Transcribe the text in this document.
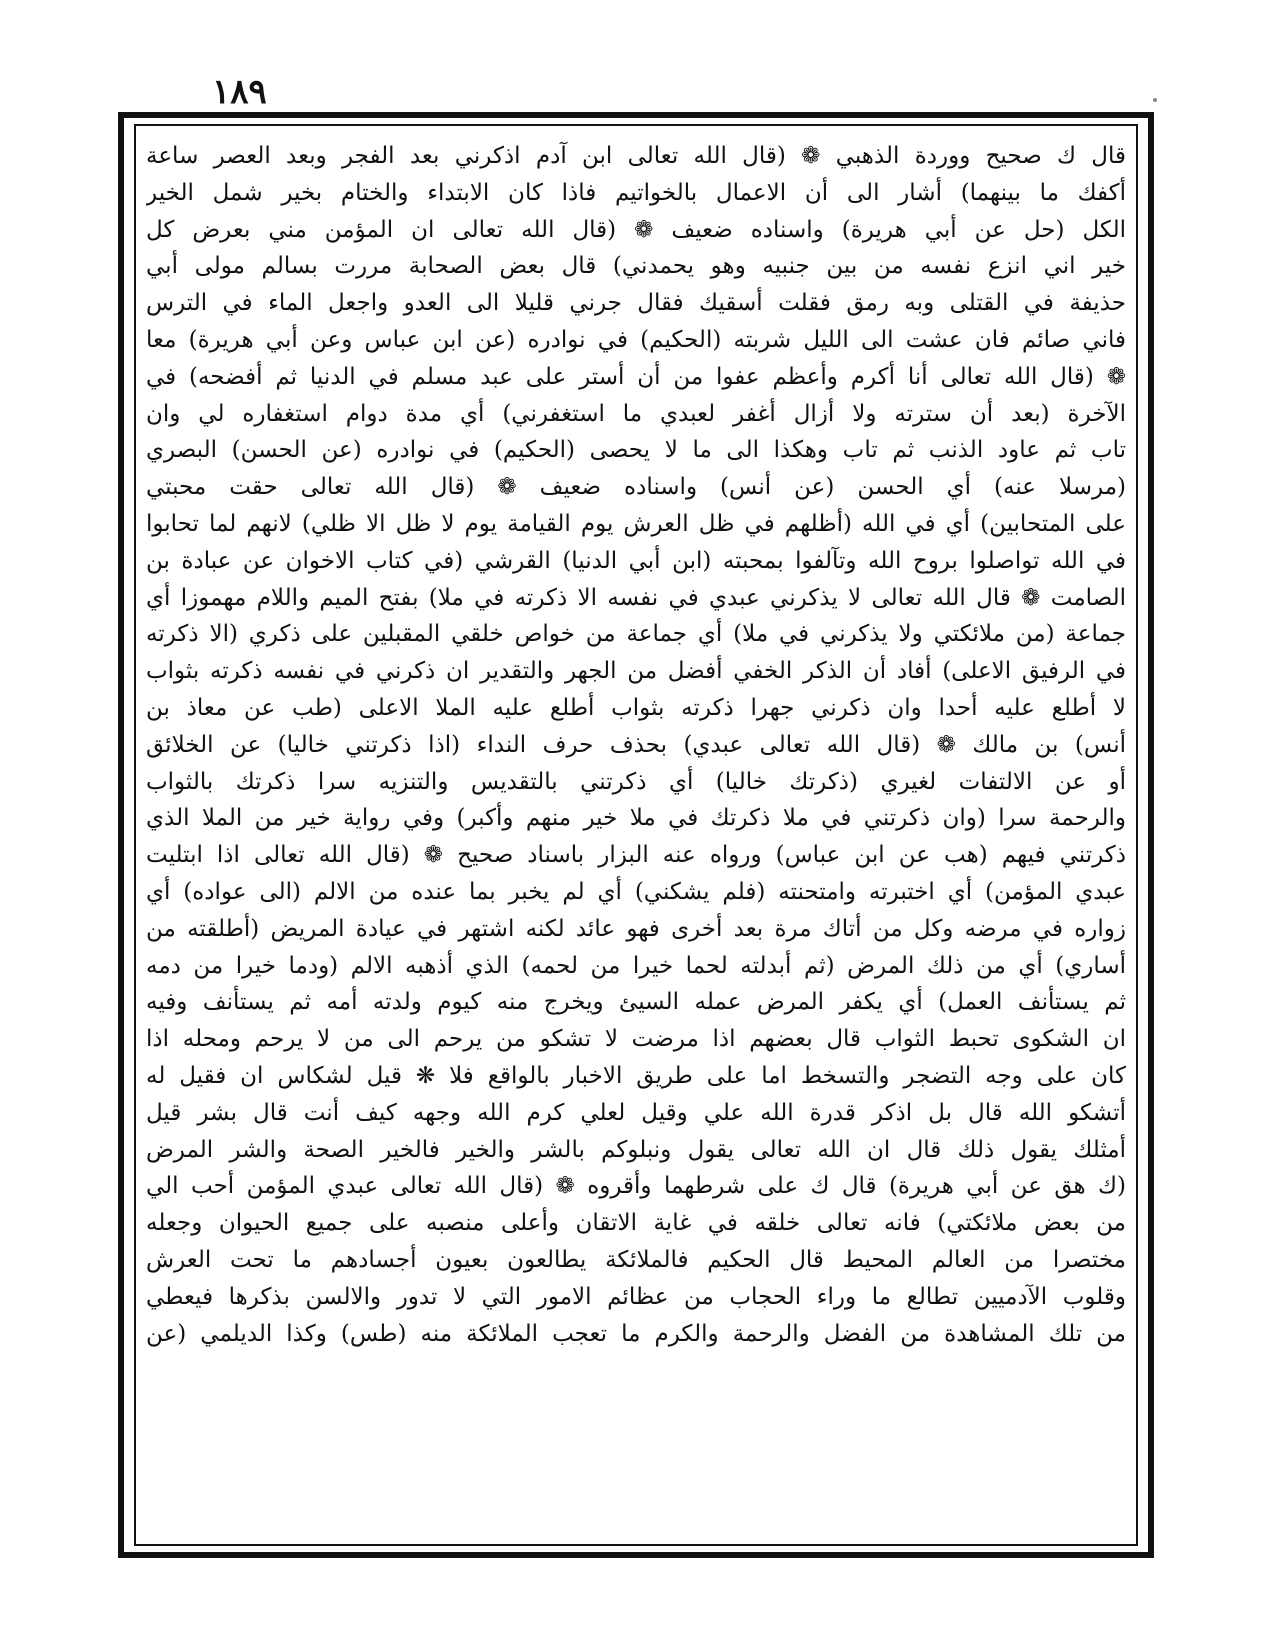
١٨٩
قال ك صحيح ووردة الذهبي ❁ (قال الله تعالى ابن آدم اذكرني بعد الفجر وبعد العصر ساعة
أكفك ما بينهما) أشار الى أن الاعمال بالخواتيم فاذا كان الابتداء والختام بخير شمل الخير
الكل (حل عن أبي هريرة) واسناده ضعيف ❁ (قال الله تعالى ان المؤمن مني بعرض كل
خير اني انزع نفسه من بين جنبيه وهو يحمدني) قال بعض الصحابة مررت بسالم مولى أبي
حذيفة في القتلى وبه رمق فقلت أسقيك فقال جرني قليلا الى العدو واجعل الماء في الترس
فاني صائم فان عشت الى الليل شربته (الحكيم) في نوادره (عن ابن عباس وعن أبي هريرة) معا
❁ (قال الله تعالى أنا أكرم وأعظم عفوا من أن أستر على عبد مسلم في الدنيا ثم أفضحه) في
الآخرة (بعد أن سترته ولا أزال أغفر لعبدي ما استغفرني) أي مدة دوام استغفاره لي وان
تاب ثم عاود الذنب ثم تاب وهكذا الى ما لا يحصى (الحكيم) في نوادره (عن الحسن) البصري
(مرسلا عنه) أي الحسن (عن أنس) واسناده ضعيف ❁ (قال الله تعالى حقت محبتي
على المتحابين) أي في الله (أظلهم في ظل العرش يوم القيامة يوم لا ظل الا ظلي) لانهم لما تحابوا
في الله تواصلوا بروح الله وتآلفوا بمحبته (ابن أبي الدنيا) القرشي (في كتاب الاخوان عن عبادة بن
الصامت ❁ قال الله تعالى لا يذكرني عبدي في نفسه الا ذكرته في ملا) بفتح الميم واللام مهموزا أي
جماعة (من ملائكتي ولا يذكرني في ملا) أي جماعة من خواص خلقي المقبلين على ذكري (الا ذكرته
في الرفيق الاعلى) أفاد أن الذكر الخفي أفضل من الجهر والتقدير ان ذكرني في نفسه ذكرته بثواب
لا أطلع عليه أحدا وان ذكرني جهرا ذكرته بثواب أطلع عليه الملا الاعلى (طب عن معاذ بن
أنس) بن مالك ❁ (قال الله تعالى عبدي) بحذف حرف النداء (اذا ذكرتني خاليا) عن الخلائق
أو عن الالتفات لغيري (ذكرتك خاليا) أي ذكرتني بالتقديس والتنزيه سرا ذكرتك بالثواب
والرحمة سرا (وان ذكرتني في ملا ذكرتك في ملا خير منهم وأكبر) وفي رواية خير من الملا الذي
ذكرتني فيهم (هب عن ابن عباس) ورواه عنه البزار باسناد صحيح ❁ (قال الله تعالى اذا ابتليت
عبدي المؤمن) أي اختبرته وامتحنته (فلم يشكني) أي لم يخبر بما عنده من الالم (الى عواده) أي
زواره في مرضه وكل من أتاك مرة بعد أخرى فهو عائد لكنه اشتهر في عيادة المريض (أطلقته من
أساري) أي من ذلك المرض (ثم أبدلته لحما خيرا من لحمه) الذي أذهبه الالم (ودما خيرا من دمه
ثم يستأنف العمل) أي يكفر المرض عمله السيئ ويخرج منه كيوم ولدته أمه ثم يستأنف وفيه
ان الشكوى تحبط الثواب قال بعضهم اذا مرضت لا تشكو من يرحم الى من لا يرحم ومحله اذا
كان على وجه التضجر والتسخط اما على طريق الاخبار بالواقع فلا ❋ قيل لشكاس ان فقيل له
أتشكو الله قال بل اذكر قدرة الله علي وقيل لعلي كرم الله وجهه كيف أنت قال بشر قيل
أمثلك يقول ذلك قال ان الله تعالى يقول ونبلوكم بالشر والخير فالخير الصحة والشر المرض
(ك هق عن أبي هريرة) قال ك على شرطهما وأقروه ❁ (قال الله تعالى عبدي المؤمن أحب الي
من بعض ملائكتي) فانه تعالى خلقه في غاية الاتقان وأعلى منصبه على جميع الحيوان وجعله
مختصرا من العالم المحيط قال الحكيم فالملائكة يطالعون بعيون أجسادهم ما تحت العرش
وقلوب الآدميين تطالع ما وراء الحجاب من عظائم الامور التي لا تدور والالسن بذكرها فيعطي
من تلك المشاهدة من الفضل والرحمة والكرم ما تعجب الملائكة منه (طس) وكذا الديلمي (عن
